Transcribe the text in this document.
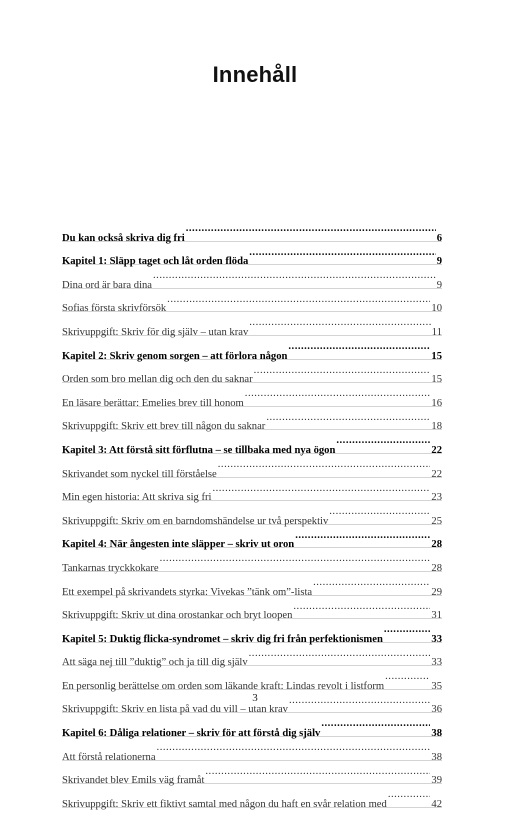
Innehåll
Du kan också skriva dig fri .....	6
Kapitel 1: Släpp taget och låt orden flöda .....	9
Dina ord är bara dina .....	9
Sofias första skrivförsök .....	10
Skrivuppgift: Skriv för dig själv – utan krav .....	11
Kapitel 2: Skriv genom sorgen – att förlora någon .....	15
Orden som bro mellan dig och den du saknar .....	15
En läsare berättar: Emelies brev till honom .....	16
Skrivuppgift: Skriv ett brev till någon du saknar .....	18
Kapitel 3: Att förstå sitt förflutna – se tillbaka med nya ögon .....	22
Skrivandet som nyckel till förståelse .....	22
Min egen historia: Att skriva sig fri .....	23
Skrivuppgift: Skriv om en barndomshändelse ur två perspektiv .....	25
Kapitel 4: När ångesten inte släpper – skriv ut oron .....	28
Tankarnas tryckkokare .....	28
Ett exempel på skrivandets styrka: Vivekas ”tänk om”-lista .....	29
Skrivuppgift: Skriv ut dina orostankar och bryt loopen .....	31
Kapitel 5: Duktig flicka-syndromet – skriv dig fri från perfektionismen .....	33
Att säga nej till ”duktig” och ja till dig själv .....	33
En personlig berättelse om orden som läkande kraft: Lindas revolt i listform .....	35
Skrivuppgift: Skriv en lista på vad du vill – utan krav .....	36
Kapitel 6: Dåliga relationer – skriv för att förstå dig själv .....	38
Att förstå relationerna .....	38
Skrivandet blev Emils väg framåt .....	39
Skrivuppgift: Skriv ett fiktivt samtal med någon du haft en svår relation med .....	42
3
